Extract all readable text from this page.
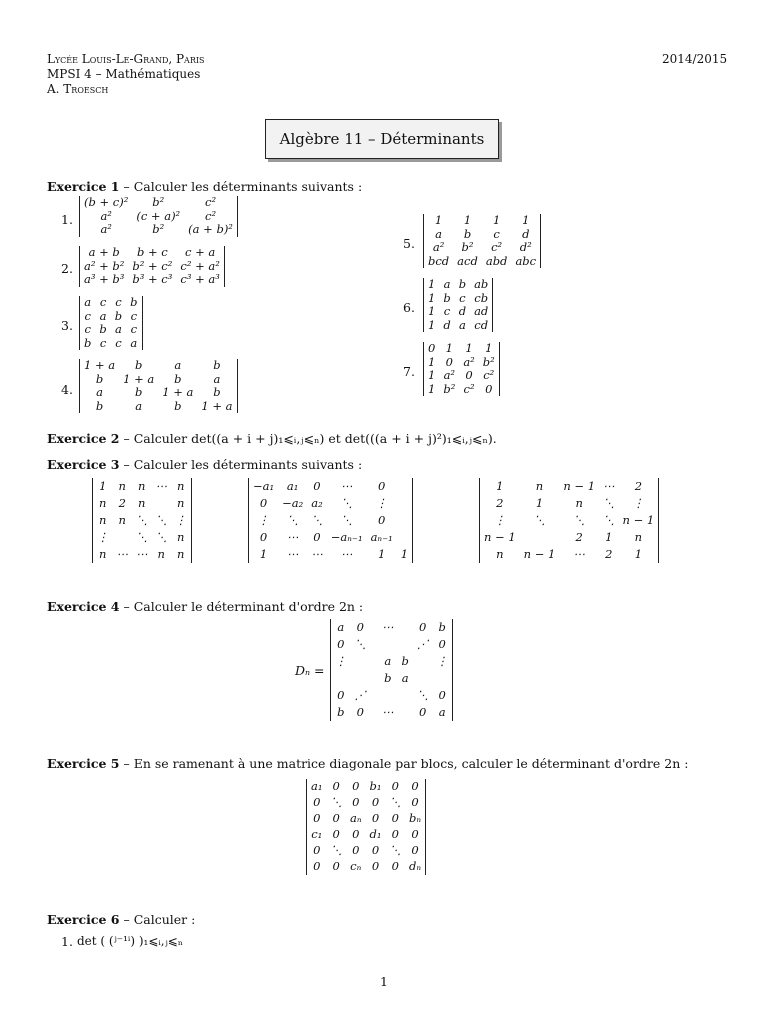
Lycée Louis-Le-Grand, Paris
MPSI 4 – Mathématiques
A. Troesch
2014/2015
Algèbre 11 – Déterminants
Exercice 1 – Calculer les déterminants suivants :
1.
(b + c)²	b²	c²
a²	(c + a)²	c²
a²	b²	(a + b)²
2.
a + b	b + c	c + a
a² + b²	b² + c²	c² + a²
a³ + b³	b³ + c³	c³ + a³
3.
a	c	c	b
c	a	b	c
c	b	a	c
b	c	c	a
4.
1 + a	b	a	b
b	1 + a	b	a
a	b	1 + a	b
b	a	b	1 + a
5.
1	1	1	1
a	b	c	d
a²	b²	c²	d²
bcd	acd	abd	abc
6.
1	a	b	ab
1	b	c	cb
1	c	d	ad
1	d	a	cd
7.
0	1	1	1
1	0	a²	b²
1	a²	0	c²
1	b²	c²	0
Exercice 2 – Calculer det((a + i + j)₁⩽ᵢ,ⱼ⩽ₙ) et det(((a + i + j)²)₁⩽ᵢ,ⱼ⩽ₙ).
Exercice 3 – Calculer les déterminants suivants :
1	n	n	⋯	n
n	2	n		n
n	n	⋱	⋱	⋮
⋮		⋱	⋱	n
n	⋯	⋯	n	n
−a₁	a₁	0	⋯	0	
0	−a₂	a₂	⋱	⋮	
⋮	⋱	⋱	⋱	0	
0	⋯	0	−aₙ₋₁	aₙ₋₁	
1	⋯	⋯	⋯	1	1
1	n	n − 1	⋯	2
2	1	n	⋱	⋮
⋮	⋱	⋱	⋱	n − 1
n − 1		2	1	n
n	n − 1	⋯	2	1
Exercice 4 – Calculer le déterminant d'ordre 2n :
Dₙ =
a	0		⋯		0	b
0	⋱				⋰	0
⋮			a	b		⋮
			b	a		
0	⋰				⋱	0
b	0		⋯		0	a
Exercice 5 – En se ramenant à une matrice diagonale par blocs, calculer le déterminant d'ordre 2n :
a₁	0	0	b₁	0	0
0	⋱	0	0	⋱	0
0	0	aₙ	0	0	bₙ
c₁	0	0	d₁	0	0
0	⋱	0	0	⋱	0
0	0	cₙ	0	0	dₙ
Exercice 6 – Calculer :
1. det ( (ʲ⁻¹ⁱ) )₁⩽ᵢ,ⱼ⩽ₙ
1
